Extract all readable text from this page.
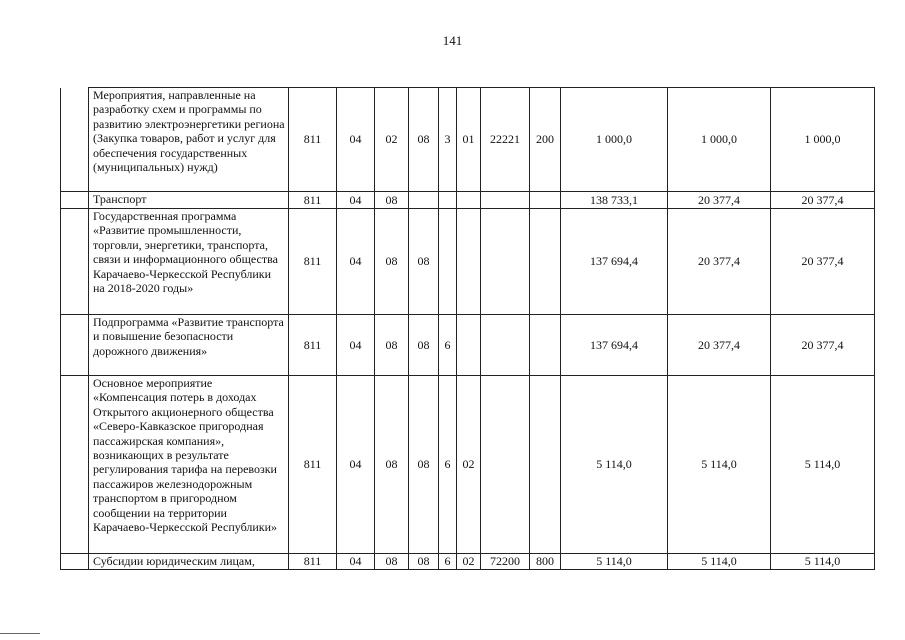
141
	Мероприятия, направленные на разработку схем и программы по развитию электроэнергетики региона (Закупка товаров, работ и услуг для обеспечения государственных (муниципальных) нужд)	811	04	02	08	3	01	22221	200	1 000,0	1 000,0	1 000,0
	Транспорт	811	04	08						138 733,1	20 377,4	20 377,4
	Государственная программа «Развитие промышленности, торговли, энергетики, транспорта, связи и информационного общества Карачаево-Черкесской Республики на 2018-2020 годы»	811	04	08	08					137 694,4	20 377,4	20 377,4
	Подпрограмма «Развитие транспорта и повышение безопасности дорожного движения»	811	04	08	08	6				137 694,4	20 377,4	20 377,4
	Основное мероприятие «Компенсация потерь в доходах Открытого акционерного общества «Северо-Кавказское пригородная пассажирская компания», возникающих в результате регулирования тарифа на перевозки пассажиров железнодорожным транспортом в пригородном сообщении на территории Карачаево-Черкесской Республики»	811	04	08	08	6	02			5 114,0	5 114,0	5 114,0
	Субсидии юридическим лицам,	811	04	08	08	6	02	72200	800	5 114,0	5 114,0	5 114,0
